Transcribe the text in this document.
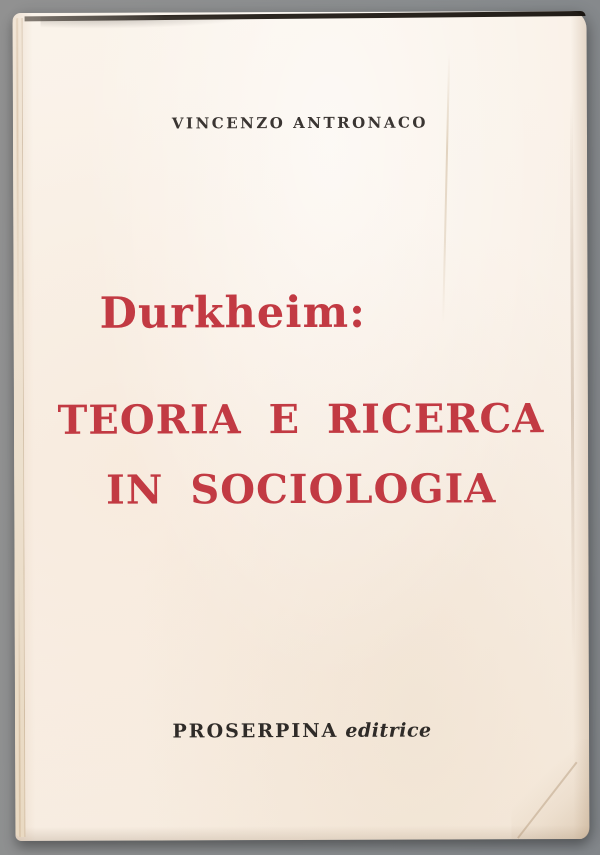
VINCENZO ANTRONACO
Durkheim:
TEORIA E RICERCA
IN SOCIOLOGIA
PROSERPINA editrice
